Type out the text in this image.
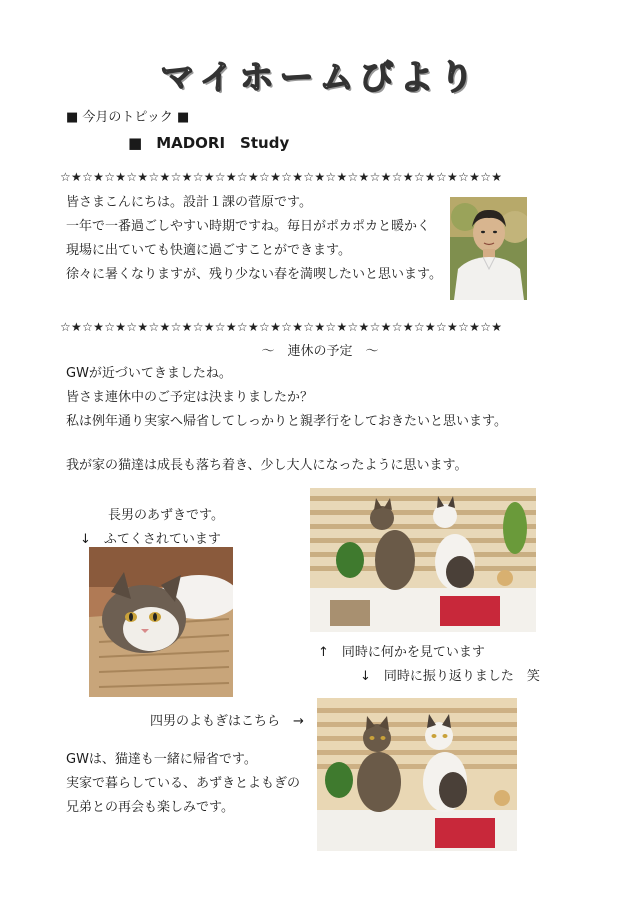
マイホームびより
■ 今月のトピック ■
■ MADORI　Study
☆★☆★☆★☆★☆★☆★☆★☆★☆★☆★☆★☆★☆★☆★☆★☆★☆★☆★☆★☆★
皆さまこんにちは。設計１課の菅原です。
一年で一番過ごしやすい時期ですね。毎日がポカポカと暖かく
現場に出ていても快適に過ごすことができます。
徐々に暑くなりますが、残り少ない春を満喫したいと思います。
☆★☆★☆★☆★☆★☆★☆★☆★☆★☆★☆★☆★☆★☆★☆★☆★☆★☆★☆★☆★
～　連休の予定　～
GWが近づいてきましたね。
皆さま連休中のご予定は決まりましたか？
私は例年通り実家へ帰省してしっかりと親孝行をしておきたいと思います。
我が家の猫達は成長も落ち着き、少し大人になったように思います。
長男のあずきです。
↓　ふてくされています
↑　同時に何かを見ています
↓　同時に振り返りました　笑
四男のよもぎはこちら　→
GWは、猫達も一緒に帰省です。
実家で暮らしている、あずきとよもぎの
兄弟との再会も楽しみです。
